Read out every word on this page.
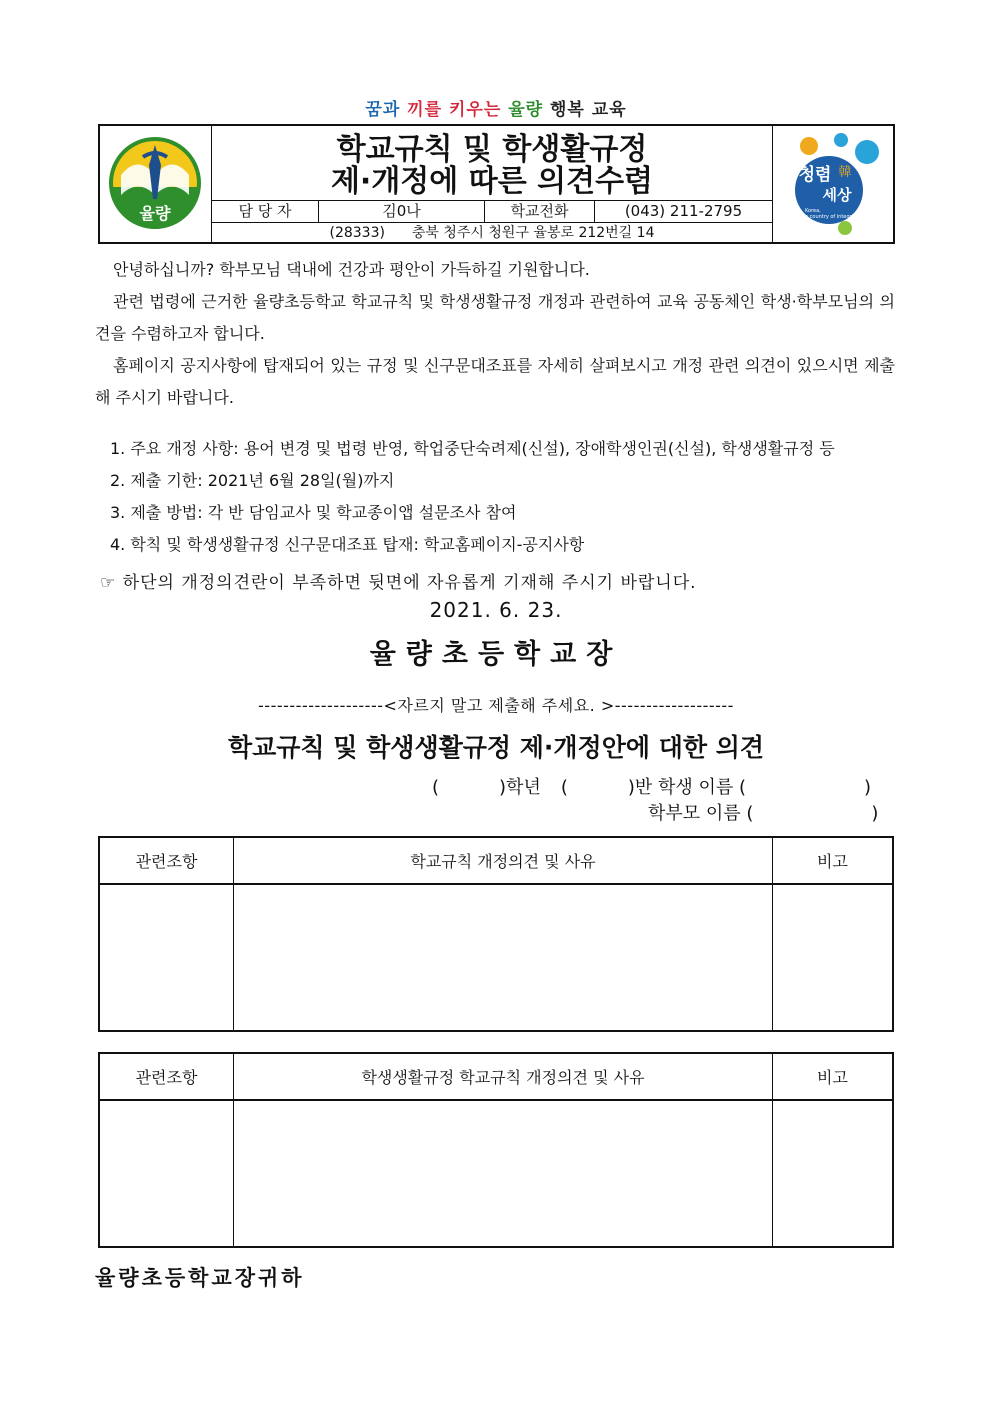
꿈과 끼를 키우는 율량 행복 교육
율량
학교규칙 및 학생활규정
제·개정에 따른 의견수렴
담 당 자	김0나	학교전화	(043) 211-2795
(28333) 충북 청주시 청원구 율봉로 212번길 14
청렴 韓
세상
Korea,
a country of integrity

안녕하십니까? 학부모님 댁내에 건강과 평안이 가득하길 기원합니다.

관련 법령에 근거한 율량초등학교 학교규칙 및 학생생활규정 개정과 관련하여 교육 공동체인 학생·학부모님의 의견을 수렴하고자 합니다.

홈페이지 공지사항에 탑재되어 있는 규정 및 신구문대조표를 자세히 살펴보시고 개정 관련 의견이 있으시면 제출해 주시기 바랍니다.

1. 주요 개정 사항: 용어 변경 및 법령 반영, 학업중단숙려제(신설), 장애학생인권(신설), 학생생활규정 등
2. 제출 기한: 2021년 6월 28일(월)까지
3. 제출 방법: 각 반 담임교사 및 학교종이앱 설문조사 참여
4. 학칙 및 학생생활규정 신구문대조표 탑재: 학교홈페이지-공지사항
☞ 하단의 개정의견란이 부족하면 뒷면에 자유롭게 기재해 주시기 바랍니다.
2021. 6. 23.
율량초등학교장
--------------------<자르지 말고 제출해 주세요. >-------------------
학교규칙 및 학생생활규정 제·개정안에 대한 의견
(	)학년 (	)반 학생 이름 (	)
학부모 이름 (	)
관련조항	학교규칙 개정의견 및 사유	비고

관련조항	학생생활규정 학교규칙 개정의견 및 사유	비고

율량초등학교장귀하
